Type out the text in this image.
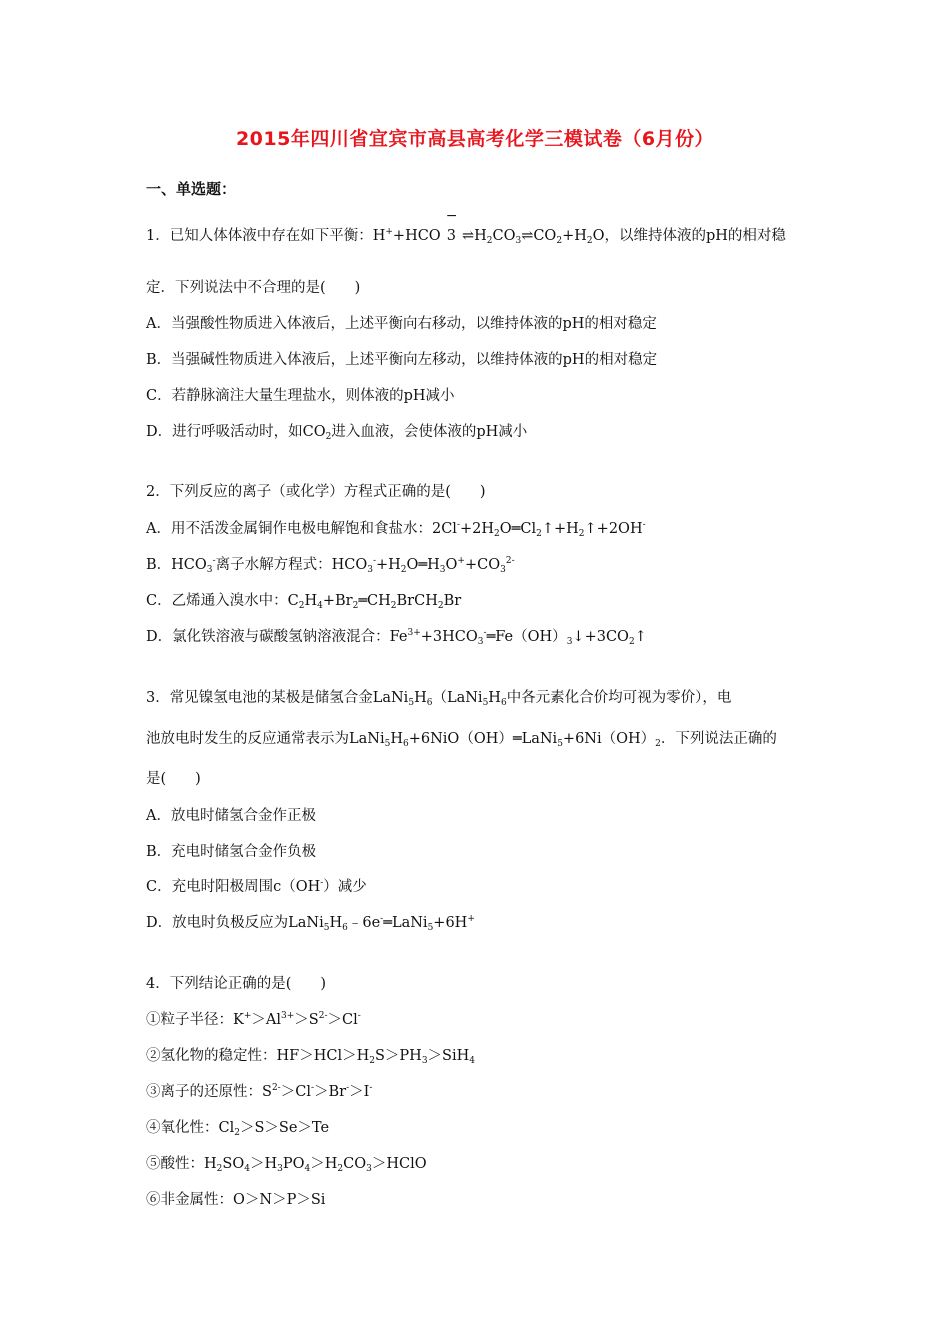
2015年四川省宜宾市高县高考化学三模试卷（6月份）
一、单选题：
1．已知人体体液中存在如下平衡：H++HCO
−
3 $\rightleftharpoons H_2CO_3\rightleftharpoons CO_2+H_2O$，以维持体液的pH的相对稳
定．下列说法中不合理的是(　　)
A．当强酸性物质进入体液后，上述平衡向右移动，以维持体液的pH的相对稳定
B．当强碱性物质进入体液后，上述平衡向左移动，以维持体液的pH的相对稳定
C．若静脉滴注大量生理盐水，则体液的pH减小
D．进行呼吸活动时，如$CO_2$进入血液，会使体液的pH减小
2．下列反应的离子（或化学）方程式正确的是(　　)
A．用不活泼金属铜作电极电解饱和食盐水：$2Cl^-+2H_2O═Cl_2↑+H_2↑+2OH^-$
B．$HCO_3^-$离子水解方程式：$HCO_3^-+H_2O═H_3O^++CO_3^{2-}$
C．乙烯通入溴水中：$C_2H_4+Br_2═CH_2BrCH_2Br$
D．氯化铁溶液与碳酸氢钠溶液混合：$Fe^{3+}+3HCO_3^-═Fe(OH)_3↓+3CO_2↑$
3．常见镍氢电池的某极是储氢合金$LaNi_5H_6(LaNi_5H_6$中各元素化合价均可视为零价），电
池放电时发生的反应通常表示为$LaNi_5H_6+6NiO(OH)═LaNi_5+6Ni(OH)_2$．下列说法正确的
是(　　)
A．放电时储氢合金作正极
B．充电时储氢合金作负极
C．充电时阳极周围c（OH-）减少
D．放电时负极反应为$LaNi_5H_6﹣6e^-═LaNi_5+6H^+$
4．下列结论正确的是(　　)
①粒子半径：$K^+>Al^{3+}>S^{2-}>Cl^-$
②氢化物的稳定性：$HF>HCl>H_2S>PH_3>SiH_4$
③离子的还原性：$S^{2-}>Cl^->Br^->I^-$
④氧化性：$Cl_2>S>Se>Te$
⑤酸性：$H_2SO_4>H_3PO_4>H_2CO_3>HClO$
⑥非金属性：O＞N＞P＞Si
